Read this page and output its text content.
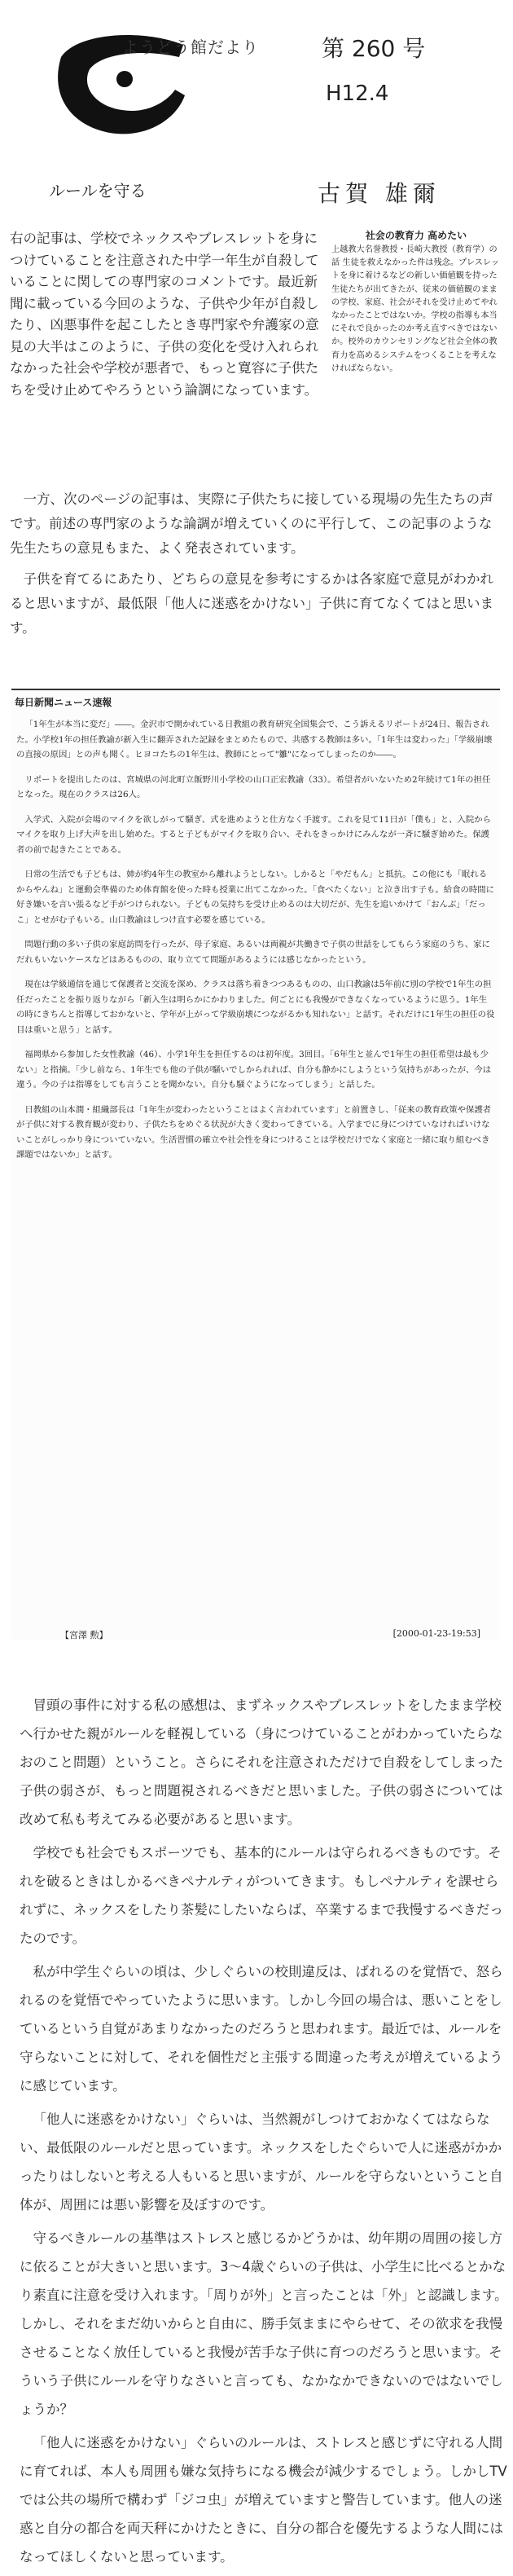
ようどう館だより	第 260 号
H12.4
ルールを守る	古賀 雄爾
右の記事は、学校でネックスやブレスレットを身につけていることを注意された中学一年生が自殺していることに関しての専門家のコメントです。最近新聞に載っている今回のような、子供や少年が自殺したり、凶悪事件を起こしたとき専門家や弁護家の意見の大半はこのように、子供の変化を受け入れられなかった社会や学校が悪者で、もっと寛容に子供たちを受け止めてやろうという論調になっています。
社会の教育力 高めたい
上越教大名誉教授・長崎大教授（教育学）の話 生徒を救えなかった件は残念。プレスレットを身に着けるなどの新しい価値観を持った生徒たちが出てきたが、従来の価値観のままの学校、家庭、社会がそれを受け止めてやれなかったことではないか。学校の指導も本当にそれで良かったのか考え直すべきではないか。校外のカウンセリングなど社会全体の教育力を高めるシステムをつくることを考えなければならない。
一方、次のページの記事は、実際に子供たちに接している現場の先生たちの声です。前述の専門家のような論調が増えていくのに平行して、この記事のような先生たちの意見もまた、よく発表されています。
子供を育てるにあたり、どちらの意見を参考にするかは各家庭で意見がわかれると思いますが、最低限「他人に迷惑をかけない」子供に育てなくてはと思います。
毎日新聞ニュース速報

「1年生が本当に変だ」――。金沢市で開かれている日教組の教育研究全国集会で、こう訴えるリポートが24日、報告された。小学校1年の担任教諭が新入生に翻弄された記録をまとめたもので、共感する教師は多い。「1年生は変わった」「学級崩壊の直接の原因」との声も聞く。ヒヨコたちの1年生は、教師にとって"雛"になってしまったのか――。

リポートを提出したのは、宮城県の河北町立飯野川小学校の山口正宏教諭（33）。希望者がいないため2年続けて1年の担任となった。現在のクラスは26人。

入学式、入院が会場のマイクを欲しがって騒ぎ、式を進めようと仕方なく手渡す。これを見て11日が「僕も」と、入院からマイクを取り上げ大声を出し始めた。すると子どもがマイクを取り合い、それをきっかけにみんなが一斉に騒ぎ始めた。保護者の前で起きたことである。

日常の生活でも子どもは、姉が約4年生の教室から離れようとしない。しかると「やだもん」と抵抗。この他にも「眠れるからやんね」と運動会準備のため体育館を使った時も授業に出てこなかった。「食べたくない」と泣き出す子も。給食の時間に好き嫌いを言い張るなど手がつけられない。子どもの気持ちを受け止めるのは大切だが、先生を追いかけて「おんぶ」「だっこ」とせがむ子もいる。山口教諭はしつけ直す必要を感じている。

問題行動の多い子供の家庭訪問を行ったが、母子家庭、あるいは両親が共働きで子供の世話をしてもらう家庭のうち、家にだれもいないケースなどはあるものの、取り立てて問題があるようには感じなかったという。

現在は学級通信を通じて保護者と交流を深め、クラスは落ち着きつつあるものの、山口教諭は5年前に別の学校で1年生の担任だったことを振り返りながら「新入生は明らかにかわりました。何ごとにも我慢ができなくなっているように思う。1年生の時にきちんと指導しておかないと、学年が上がって学級崩壊につながるかも知れない」と話す。それだけに1年生の担任の役目は重いと思う」と話す。

福岡県から参加した女性教諭（46）、小学1年生を担任するのは初年度。3回目。「6年生と並んで1年生の担任希望は最も少ない」と指摘。「少し前なら、1年生でも他の子供が騒いでしかられれば、自分も静かにしようという気持ちがあったが、今は違う。今の子は指導をしても言うことを聞かない。自分も騒ぐようになってしまう」と話した。

日教組の山本潤・組織部長は「1年生が変わったということはよく言われています」と前置きし、「従来の教育政策や保護者が子供に対する教育観が変わり、子供たちをめぐる状況が大きく変わってきている。入学までに身につけていなければいけないことがしっかり身についていない。生活習慣の確立や社会性を身につけることは学校だけでなく家庭と一緒に取り組むべき課題ではないか」と話す。

【宮澤 勲】	[2000-01-23-19:53]

冒頭の事件に対する私の感想は、まずネックスやブレスレットをしたまま学校へ行かせた親がルールを軽視している（身につけていることがわかっていたらなおのこと問題）ということ。さらにそれを注意されただけで自殺をしてしまった子供の弱さが、もっと問題視されるべきだと思いました。子供の弱さについては改めて私も考えてみる必要があると思います。

学校でも社会でもスポーツでも、基本的にルールは守られるべきものです。それを破るときはしかるべきペナルティがついてきます。もしペナルティを課せられずに、ネックスをしたり茶髪にしたいならば、卒業するまで我慢するべきだったのです。

私が中学生ぐらいの頃は、少しぐらいの校則違反は、ばれるのを覚悟で、怒られるのを覚悟でやっていたように思います。しかし今回の場合は、悪いことをしているという自覚があまりなかったのだろうと思われます。最近では、ルールを守らないことに対して、それを個性だと主張する間違った考えが増えているように感じています。

「他人に迷惑をかけない」ぐらいは、当然親がしつけておかなくてはならない、最低限のルールだと思っています。ネックスをしたぐらいで人に迷惑がかかったりはしないと考える人もいると思いますが、ルールを守らないということ自体が、周囲には悪い影響を及ぼすのです。

守るべきルールの基準はストレスと感じるかどうかは、幼年期の周囲の接し方に依ることが大きいと思います。3～4歳ぐらいの子供は、小学生に比べるとかなり素直に注意を受け入れます。「周りが外」と言ったことは「外」と認識します。しかし、それをまだ幼いからと自由に、勝手気ままにやらせて、その欲求を我慢させることなく放任していると我慢が苦手な子供に育つのだろうと思います。そういう子供にルールを守りなさいと言っても、なかなかできないのではないでしょうか？

「他人に迷惑をかけない」ぐらいのルールは、ストレスと感じずに守れる人間に育てれば、本人も周囲も嫌な気持ちになる機会が減少するでしょう。しかしTVでは公共の場所で構わず「ジコ虫」が増えていますと警告しています。他人の迷惑と自分の都合を両天秤にかけたときに、自分の都合を優先するような人間にはなってほしくないと思っています。
